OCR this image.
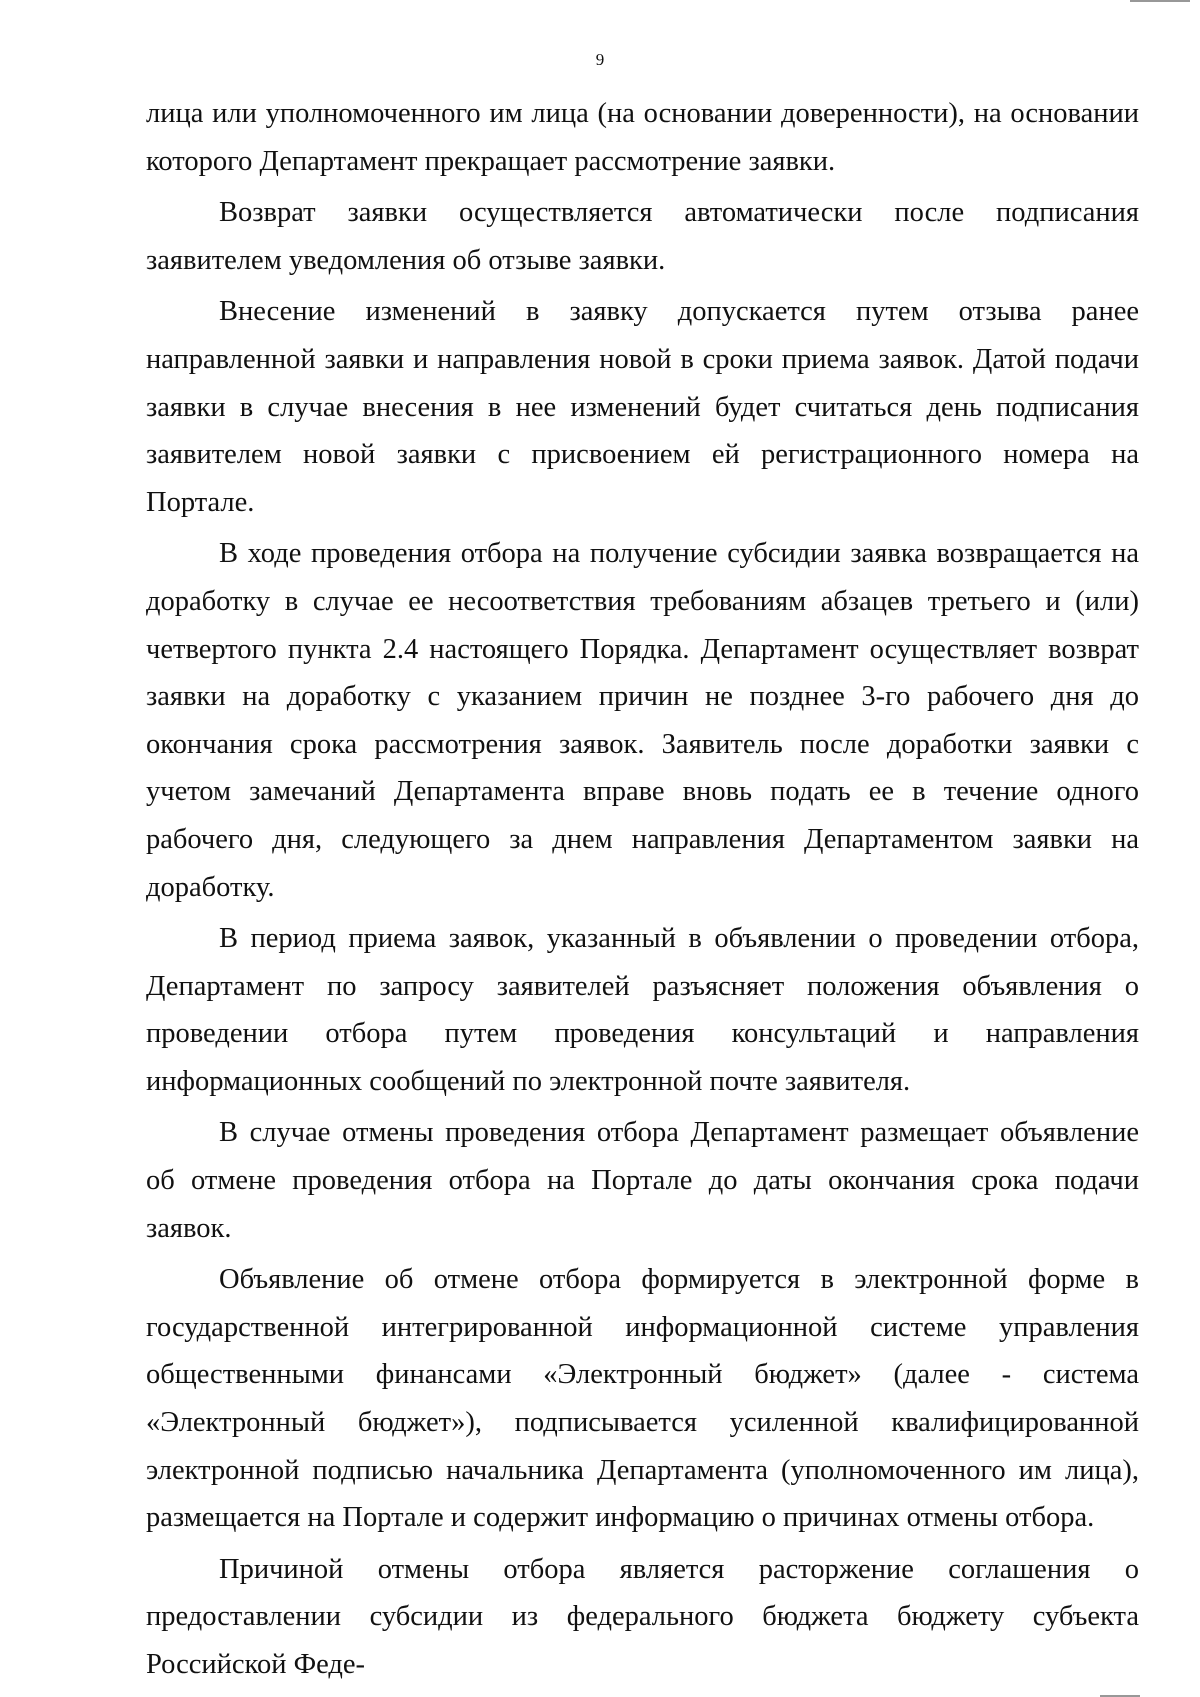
9

лица или уполномоченного им лица (на основании доверенности), на основании которого Департамент прекращает рассмотрение заявки.

Возврат заявки осуществляется автоматически после подписания заявителем уведомления об отзыве заявки.

Внесение изменений в заявку допускается путем отзыва ранее направленной заявки и направления новой в сроки приема заявок. Датой подачи заявки в случае внесения в нее изменений будет считаться день подписания заявителем новой заявки с присвоением ей регистрационного номера на Портале.

В ходе проведения отбора на получение субсидии заявка возвращается на доработку в случае ее несоответствия требованиям абзацев третьего и (или) четвертого пункта 2.4 настоящего Порядка. Департамент осуществляет возврат заявки на доработку с указанием причин не позднее 3-го рабочего дня до окончания срока рассмотрения заявок. Заявитель после доработки заявки с учетом замечаний Департамента вправе вновь подать ее в течение одного рабочего дня, следующего за днем направления Департаментом заявки на доработку.

В период приема заявок, указанный в объявлении о проведении отбора, Департамент по запросу заявителей разъясняет положения объявления о проведении отбора путем проведения консультаций и направления информационных сообщений по электронной почте заявителя.

В случае отмены проведения отбора Департамент размещает объявление об отмене проведения отбора на Портале до даты окончания срока подачи заявок.

Объявление об отмене отбора формируется в электронной форме в государственной интегрированной информационной системе управления общественными финансами «Электронный бюджет» (далее - система «Электронный бюджет»), подписывается усиленной квалифицированной электронной подписью начальника Департамента (уполномоченного им лица), размещается на Портале и содержит информацию о причинах отмены отбора.

Причиной отмены отбора является расторжение соглашения о предоставлении субсидии из федерального бюджета бюджету субъекта Российской Феде-
